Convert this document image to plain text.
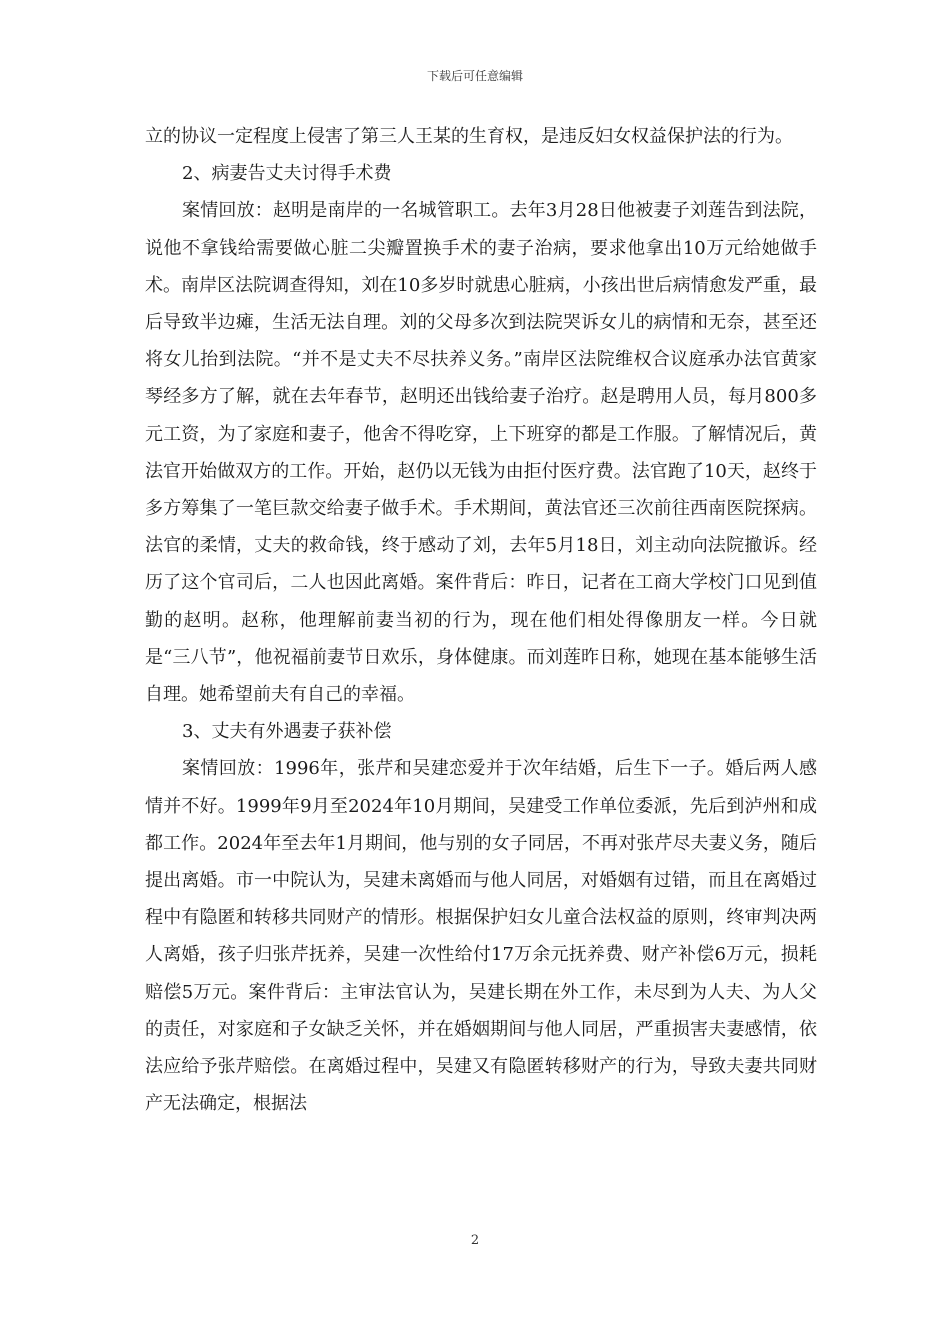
下载后可任意编辑

立的协议一定程度上侵害了第三人王某的生育权，是违反妇女权益保护法的行为。

2、病妻告丈夫讨得手术费

案情回放：赵明是南岸的一名城管职工。去年3月28日他被妻子刘莲告到法院，说他不拿钱给需要做心脏二尖瓣置换手术的妻子治病，要求他拿出10万元给她做手术。南岸区法院调查得知，刘在10多岁时就患心脏病，小孩出世后病情愈发严重，最后导致半边瘫，生活无法自理。刘的父母多次到法院哭诉女儿的病情和无奈，甚至还将女儿抬到法院。“并不是丈夫不尽扶养义务。”南岸区法院维权合议庭承办法官黄家琴经多方了解，就在去年春节，赵明还出钱给妻子治疗。赵是聘用人员，每月800多元工资，为了家庭和妻子，他舍不得吃穿，上下班穿的都是工作服。了解情况后，黄法官开始做双方的工作。开始，赵仍以无钱为由拒付医疗费。法官跑了10天，赵终于多方筹集了一笔巨款交给妻子做手术。手术期间，黄法官还三次前往西南医院探病。法官的柔情，丈夫的救命钱，终于感动了刘，去年5月18日，刘主动向法院撤诉。经历了这个官司后，二人也因此离婚。案件背后：昨日，记者在工商大学校门口见到值勤的赵明。赵称，他理解前妻当初的行为，现在他们相处得像朋友一样。今日就是“三八节”，他祝福前妻节日欢乐，身体健康。而刘莲昨日称，她现在基本能够生活自理。她希望前夫有自己的幸福。

3、丈夫有外遇妻子获补偿

案情回放：1996年，张芹和吴建恋爱并于次年结婚，后生下一子。婚后两人感情并不好。1999年9月至2024年10月期间，吴建受工作单位委派，先后到泸州和成都工作。2024年至去年1月期间，他与别的女子同居，不再对张芹尽夫妻义务，随后提出离婚。市一中院认为，吴建未离婚而与他人同居，对婚姻有过错，而且在离婚过程中有隐匿和转移共同财产的情形。根据保护妇女儿童合法权益的原则，终审判决两人离婚，孩子归张芹抚养，吴建一次性给付17万余元抚养费、财产补偿6万元，损耗赔偿5万元。案件背后：主审法官认为，吴建长期在外工作，未尽到为人夫、为人父的责任，对家庭和子女缺乏关怀，并在婚姻期间与他人同居，严重损害夫妻感情，依法应给予张芹赔偿。在离婚过程中，吴建又有隐匿转移财产的行为，导致夫妻共同财产无法确定，根据法

2
